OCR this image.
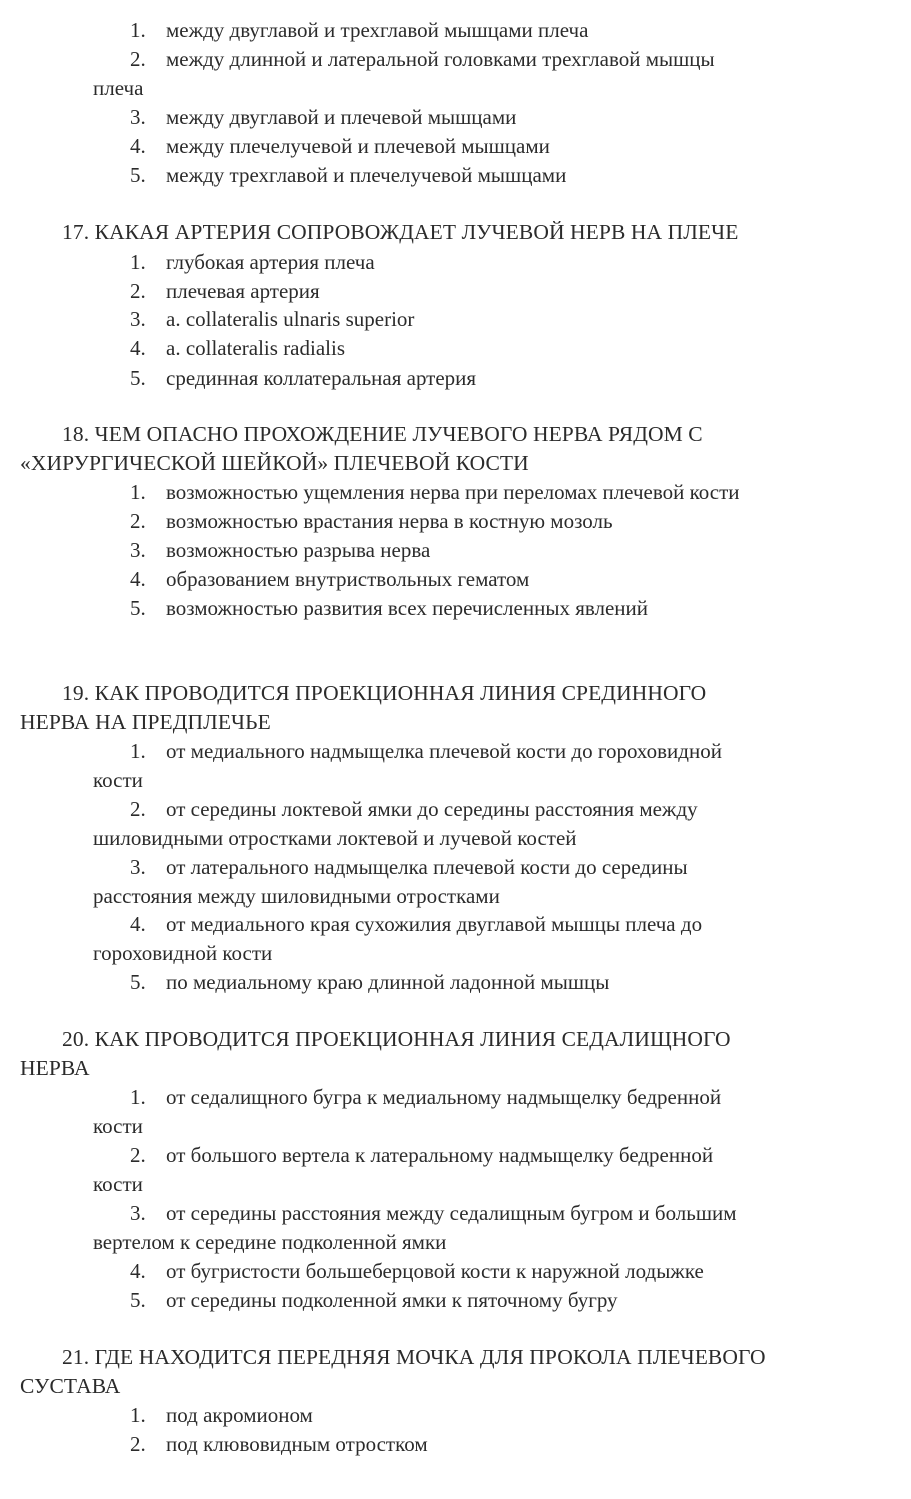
1. между двуглавой и трехглавой мышцами плеча
2. между длинной и латеральной головками трехглавой мышцы
плеча
3. между двуглавой и плечевой мышцами
4. между плечелучевой и плечевой мышцами
5. между трехглавой и плечелучевой мышцами
17. КАКАЯ АРТЕРИЯ СОПРОВОЖДАЕТ ЛУЧЕВОЙ НЕРВ НА ПЛЕЧЕ
1. глубокая артерия плеча
2. плечевая артерия
3. a. collateralis ulnaris superior
4. a. collateralis radialis
5. срединная коллатеральная артерия
18. ЧЕМ ОПАСНО ПРОХОЖДЕНИЕ ЛУЧЕВОГО НЕРВА РЯДОМ С
«ХИРУРГИЧЕСКОЙ ШЕЙКОЙ» ПЛЕЧЕВОЙ КОСТИ
1. возможностью ущемления нерва при переломах плечевой кости
2. возможностью врастания нерва в костную мозоль
3. возможностью разрыва нерва
4. образованием внутриствольных гематом
5. возможностью развития всех перечисленных явлений
19. КАК ПРОВОДИТСЯ ПРОЕКЦИОННАЯ ЛИНИЯ СРЕДИННОГО
НЕРВА НА ПРЕДПЛЕЧЬЕ
1. от медиального надмыщелка плечевой кости до гороховидной
кости
2. от середины локтевой ямки до середины расстояния между
шиловидными отростками локтевой и лучевой костей
3. от латерального надмыщелка плечевой кости до середины
расстояния между шиловидными отростками
4. от медиального края сухожилия двуглавой мышцы плеча до
гороховидной кости
5. по медиальному краю длинной ладонной мышцы
20. КАК ПРОВОДИТСЯ ПРОЕКЦИОННАЯ ЛИНИЯ СЕДАЛИЩНОГО
НЕРВА
1. от седалищного бугра к медиальному надмыщелку бедренной
кости
2. от большого вертела к латеральному надмыщелку бедренной
кости
3. от середины расстояния между седалищным бугром и большим
вертелом к середине подколенной ямки
4. от бугристости большеберцовой кости к наружной лодыжке
5. от середины подколенной ямки к пяточному бугру
21. ГДЕ НАХОДИТСЯ ПЕРЕДНЯЯ МОЧКА ДЛЯ ПРОКОЛА ПЛЕЧЕВОГО
СУСТАВА
1. под акромионом
2. под клювовидным отростком
